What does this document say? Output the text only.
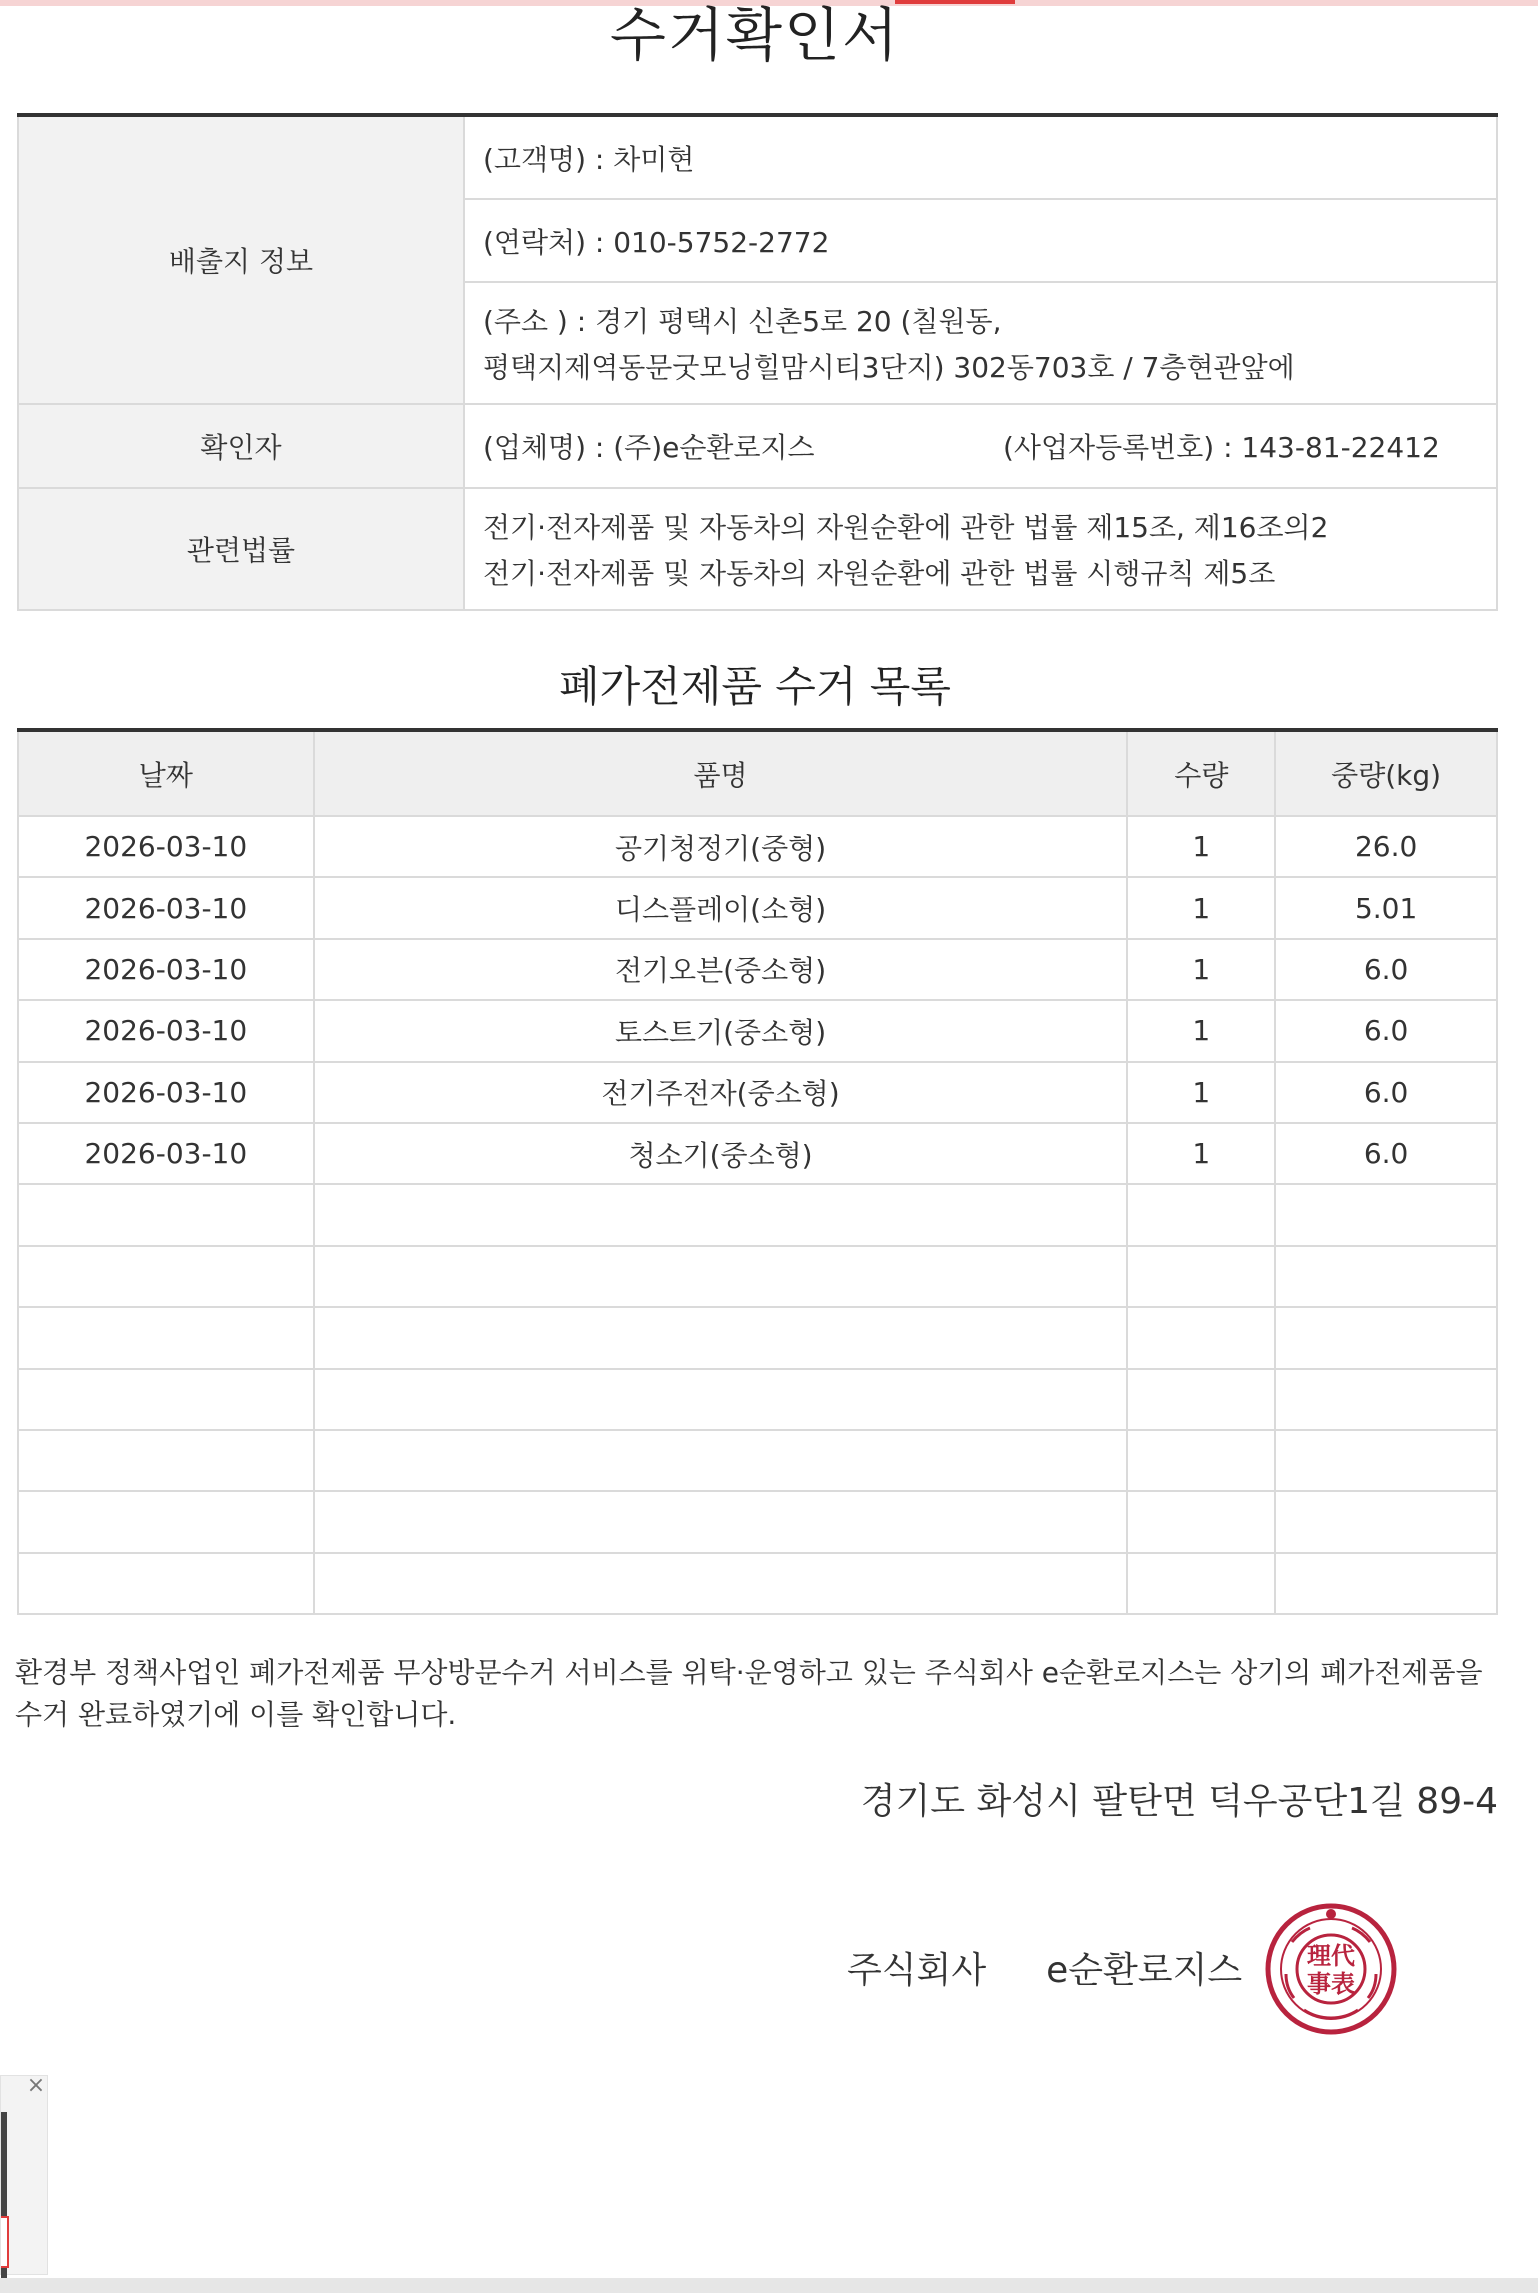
수거확인서
배출지 정보	(고객명) : 차미현
	(연락처) : 010-5752-2772

	(주소 ) : 경기 평택시 신촌5로 20 (칠원동,
평택지제역동문굿모닝힐맘시티3단지) 302동703호 / 7층현관앞에

확인자	(업체명) : (주)e순환로지스 (사업자등록번호) : 143-81-22412

관련법률	전기·전자제품 및 자동차의 자원순환에 관한 법률 제15조, 제16조의2
전기·전자제품 및 자동차의 자원순환에 관한 법률 시행규칙 제5조
폐가전제품 수거 목록
날짜	품명	수량	중량(kg)
2026-03-10	공기청정기(중형)	1	26.0
2026-03-10	디스플레이(소형)	1	5.01
2026-03-10	전기오븐(중소형)	1	6.0
2026-03-10	토스트기(중소형)	1	6.0
2026-03-10	전기주전자(중소형)	1	6.0
2026-03-10	청소기(중소형)	1	6.0

환경부 정책사업인 폐가전제품 무상방문수거 서비스를 위탁·운영하고 있는 주식회사 e순환로지스는 상기의 폐가전제품을
수거 완료하였기에 이를 확인합니다.
경기도 화성시 팔탄면 덕우공단1길 89-4
주식회사 e순환로지스	理代
事表
×
